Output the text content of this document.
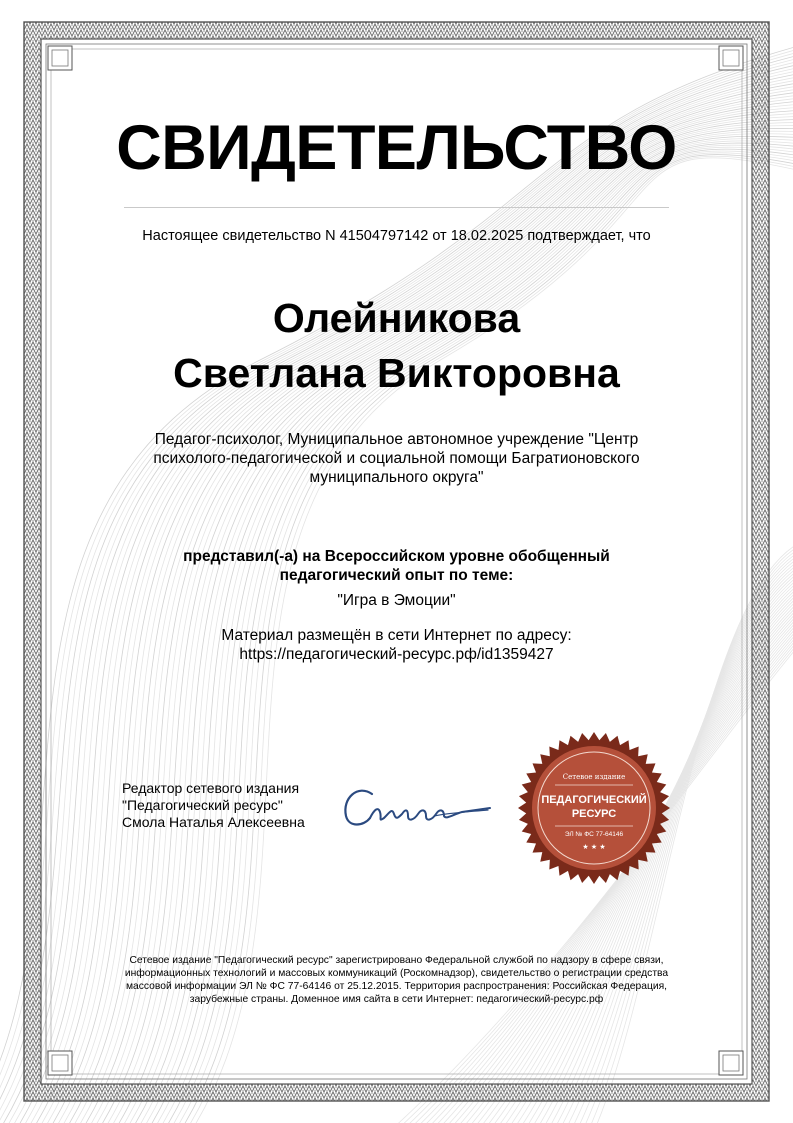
СВИДЕТЕЛЬСТВО
Настоящее свидетельство N 41504797142 от 18.02.2025 подтверждает, что
Олейникова
Светлана Викторовна
Педагог-психолог, Муниципальное автономное учреждение "Центр психолого-педагогической и социальной помощи Багратионовского муниципального округа"
представил(-а) на Всероссийском уровне обобщенный педагогический опыт по теме:
"Игра в Эмоции"
Материал размещён в сети Интернет по адресу:
https://педагогический-ресурс.рф/id1359427
Редактор сетевого издания
"Педагогический ресурс"
Смола Наталья Алексеевна
Сетевое издание
ПЕДАГОГИЧЕСКИЙ
РЕСУРС
ЭЛ № ФС 77-64146
★ ★ ★
Сетевое издание "Педагогический ресурс" зарегистрировано Федеральной службой по надзору в сфере связи, информационных технологий и массовых коммуникаций (Роскомнадзор), свидетельство о регистрации средства массовой информации ЭЛ № ФС 77-64146 от 25.12.2015. Территория распространения: Российская Федерация, зарубежные страны. Доменное имя сайта в сети Интернет: педагогический-ресурс.рф
